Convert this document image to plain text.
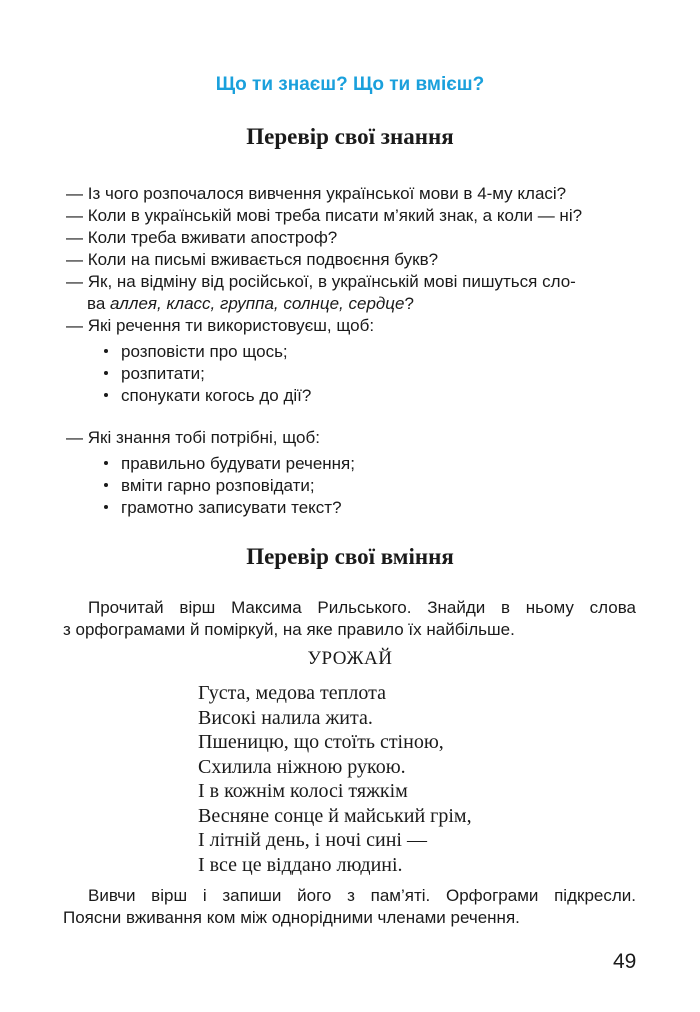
Що ти знаєш? Що ти вмієш?
Перевір свої знання
— Із чого розпочалося вивчення української мови в 4-му класі?
— Коли в українській мові треба писати м’який знак, а коли — ні?
— Коли треба вживати апостроф?
— Коли на письмі вживається подвоєння букв?
— Як, на відміну від російської, в українській мові пишуться сло-
ва аллея, класс, группа, солнце, сердце?
— Які речення ти використовуєш, щоб:
розповісти про щось;
розпитати;
спонукати когось до дії?
— Які знання тобі потрібні, щоб:
правильно будувати речення;
вміти гарно розповідати;
грамотно записувати текст?
Перевір свої вміння
Прочитай вірш Максима Рильського. Знайди в ньому слова
з орфограмами й поміркуй, на яке правило їх найбільше.
УРОЖАЙ
Густа, медова теплота
Високі налила жита.
Пшеницю, що стоїть стіною,
Схилила ніжною рукою.
І в кожнім колосі тяжкім
Весняне сонце й майський грім,
І літній день, і ночі сині —
І все це віддано людині.
Вивчи вірш і запиши його з пам’яті. Орфограми підкресли.
Поясни вживання ком між однорідними членами речення.
49
